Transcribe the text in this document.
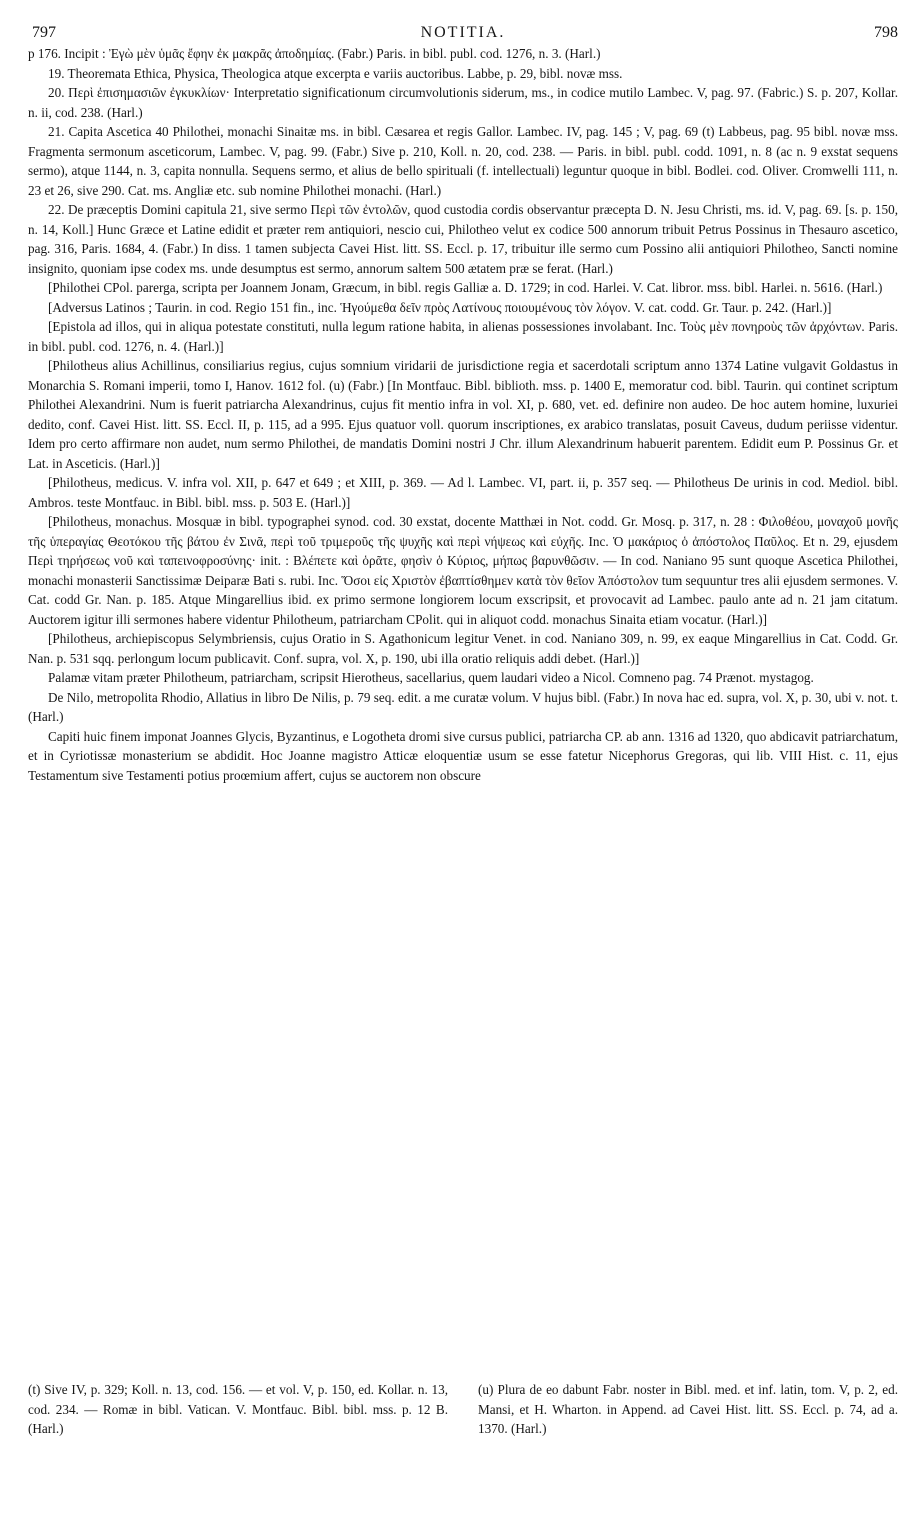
797	NOTITIA.	798

p 176. Incipit : Ἐγὼ μὲν ὑμᾶς ἔφην ἐκ μακρᾶς ἀποδημίας. (Fabr.) Paris. in bibl. publ. cod. 1276, n. 3. (Harl.)

19. Theoremata Ethica, Physica, Theologica atque excerpta e variis auctoribus. Labbe, p. 29, bibl. novæ mss.

20. Περὶ ἐπισημασιῶν ἐγκυκλίων· Interpretatio significationum circumvolutionis siderum, ms., in codice mutilo Lambec. V, pag. 97. (Fabric.) S. p. 207, Kollar. n. ii, cod. 238. (Harl.)

21. Capita Ascetica 40 Philothei, monachi Sinaitæ ms. in bibl. Cæsarea et regis Gallor. Lambec. IV, pag. 145 ; V, pag. 69 (t) Labbeus, pag. 95 bibl. novæ mss. Fragmenta sermonum asceticorum, Lambec. V, pag. 99. (Fabr.) Sive p. 210, Koll. n. 20, cod. 238. — Paris. in bibl. publ. codd. 1091, n. 8 (ac n. 9 exstat sequens sermo), atque 1144, n. 3, capita nonnulla. Sequens sermo, et alius de bello spirituali (f. intellectuali) leguntur quoque in bibl. Bodlei. cod. Oliver. Cromwelli 111, n. 23 et 26, sive 290. Cat. ms. Angliæ etc. sub nomine Philothei monachi. (Harl.)

22. De præceptis Domini capitula 21, sive sermo Περὶ τῶν ἐντολῶν, quod custodia cordis observantur præcepta D. N. Jesu Christi, ms. id. V, pag. 69. [s. p. 150, n. 14, Koll.] Hunc Græce et Latine edidit et præter rem antiquiori, nescio cui, Philotheo velut ex codice 500 annorum tribuit Petrus Possinus in Thesauro ascetico, pag. 316, Paris. 1684, 4. (Fabr.) In diss. 1 tamen subjecta Cavei Hist. litt. SS. Eccl. p. 17, tribuitur ille sermo cum Possino alii antiquiori Philotheo, Sancti nomine insignito, quoniam ipse codex ms. unde desumptus est sermo, annorum saltem 500 ætatem præ se ferat. (Harl.)

[Philothei CPol. parerga, scripta per Joannem Jonam, Græcum, in bibl. regis Galliæ a. D. 1729; in cod. Harlei. V. Cat. libror. mss. bibl. Harlei. n. 5616. (Harl.)

[Adversus Latinos ; Taurin. in cod. Regio 151 fin., inc. Ἡγούμεθα δεῖν πρὸς Λατίνους ποιουμένους τὸν λόγον. V. cat. codd. Gr. Taur. p. 242. (Harl.)]

[Epistola ad illos, qui in aliqua potestate constituti, nulla legum ratione habita, in alienas possessiones involabant. Inc. Τοὺς μὲν πονηροὺς τῶν ἀρχόντων. Paris. in bibl. publ. cod. 1276, n. 4. (Harl.)]

[Philotheus alius Achillinus, consiliarius regius, cujus somnium viridarii de jurisdictione regia et sacerdotali scriptum anno 1374 Latine vulgavit Goldastus in Monarchia S. Romani imperii, tomo I, Hanov. 1612 fol. (u) (Fabr.) [In Montfauc. Bibl. biblioth. mss. p. 1400 E, memoratur cod. bibl. Taurin. qui continet scriptum Philothei Alexandrini. Num is fuerit patriarcha Alexandrinus, cujus fit mentio infra in vol. XI, p. 680, vet. ed. definire non audeo. De hoc autem homine, luxuriei dedito, conf. Cavei Hist. litt. SS. Eccl. II, p. 115, ad a 995. Ejus quatuor voll. quorum inscriptiones, ex arabico translatas, posuit Caveus, dudum periisse videntur. Idem pro certo affirmare non audet, num sermo Philothei, de mandatis Domini nostri J Chr. illum Alexandrinum habuerit parentem. Edidit eum P. Possinus Gr. et Lat. in Asceticis. (Harl.)]

[Philotheus, medicus. V. infra vol. XII, p. 647 et 649 ; et XIII, p. 369. — Ad l. Lambec. VI, part. ii, p. 357 seq. — Philotheus De urinis in cod. Mediol. bibl. Ambros. teste Montfauc. in Bibl. bibl. mss. p. 503 E. (Harl.)]

[Philotheus, monachus. Mosquæ in bibl. typographei synod. cod. 30 exstat, docente Matthæi in Not. codd. Gr. Mosq. p. 317, n. 28 : Φιλοθέου, μοναχοῦ μονῆς τῆς ὑπεραγίας Θεοτόκου τῆς βάτου ἐν Σινᾶ, περὶ τοῦ τριμεροῦς τῆς ψυχῆς καὶ περὶ νήψεως καὶ εὐχῆς. Inc. Ὁ μακάριος ὁ ἀπόστολος Παῦλος. Et n. 29, ejusdem Περὶ τηρήσεως νοῦ καὶ ταπεινοφροσύνης· init. : Βλέπετε καὶ ὁρᾶτε, φησὶν ὁ Κύριος, μήπως βαρυνθῶσιν. — In cod. Naniano 95 sunt quoque Ascetica Philothei, monachi monasterii Sanctissimæ Deiparæ Bati s. rubi. Inc. Ὅσοι εἰς Χριστὸν ἐβαπτίσθημεν κατὰ τὸν θεῖον Ἀπόστολον tum sequuntur tres alii ejusdem sermones. V. Cat. codd Gr. Nan. p. 185. Atque Mingarellius ibid. ex primo sermone longiorem locum exscripsit, et provocavit ad Lambec. paulo ante ad n. 21 jam citatum. Auctorem igitur illi sermones habere videntur Philotheum, patriarcham CPolit. qui in aliquot codd. monachus Sinaita etiam vocatur. (Harl.)]

[Philotheus, archiepiscopus Selymbriensis, cujus Oratio in S. Agathonicum legitur Venet. in cod. Naniano 309, n. 99, ex eaque Mingarellius in Cat. Codd. Gr. Nan. p. 531 sqq. perlongum locum publicavit. Conf. supra, vol. X, p. 190, ubi illa oratio reliquis addi debet. (Harl.)]

Palamæ vitam præter Philotheum, patriarcham, scripsit Hierotheus, sacellarius, quem laudari video a Nicol. Comneno pag. 74 Prænot. mystagog.

De Nilo, metropolita Rhodio, Allatius in libro De Nilis, p. 79 seq. edit. a me curatæ volum. V hujus bibl. (Fabr.) In nova hac ed. supra, vol. X, p. 30, ubi v. not. t. (Harl.)

Capiti huic finem imponat Joannes Glycis, Byzantinus, e Logotheta dromi sive cursus publici, patriarcha CP. ab ann. 1316 ad 1320, quo abdicavit patriarchatum, et in Cyriotissæ monasterium se abdidit. Hoc Joanne magistro Atticæ eloquentiæ usum se esse fatetur Nicephorus Gregoras, qui lib. VIII Hist. c. 11, ejus Testamentum sive Testamenti potius proœmium affert, cujus se auctorem non obscure

(t) Sive IV, p. 329; Koll. n. 13, cod. 156. — et vol. V, p. 150, ed. Kollar. n. 13, cod. 234. — Romæ in bibl. Vatican. V. Montfauc. Bibl. bibl. mss. p. 12 B. (Harl.)
(u) Plura de eo dabunt Fabr. noster in Bibl. med. et inf. latin, tom. V, p. 2, ed. Mansi, et H. Wharton. in Append. ad Cavei Hist. litt. SS. Eccl. p. 74, ad a. 1370. (Harl.)
